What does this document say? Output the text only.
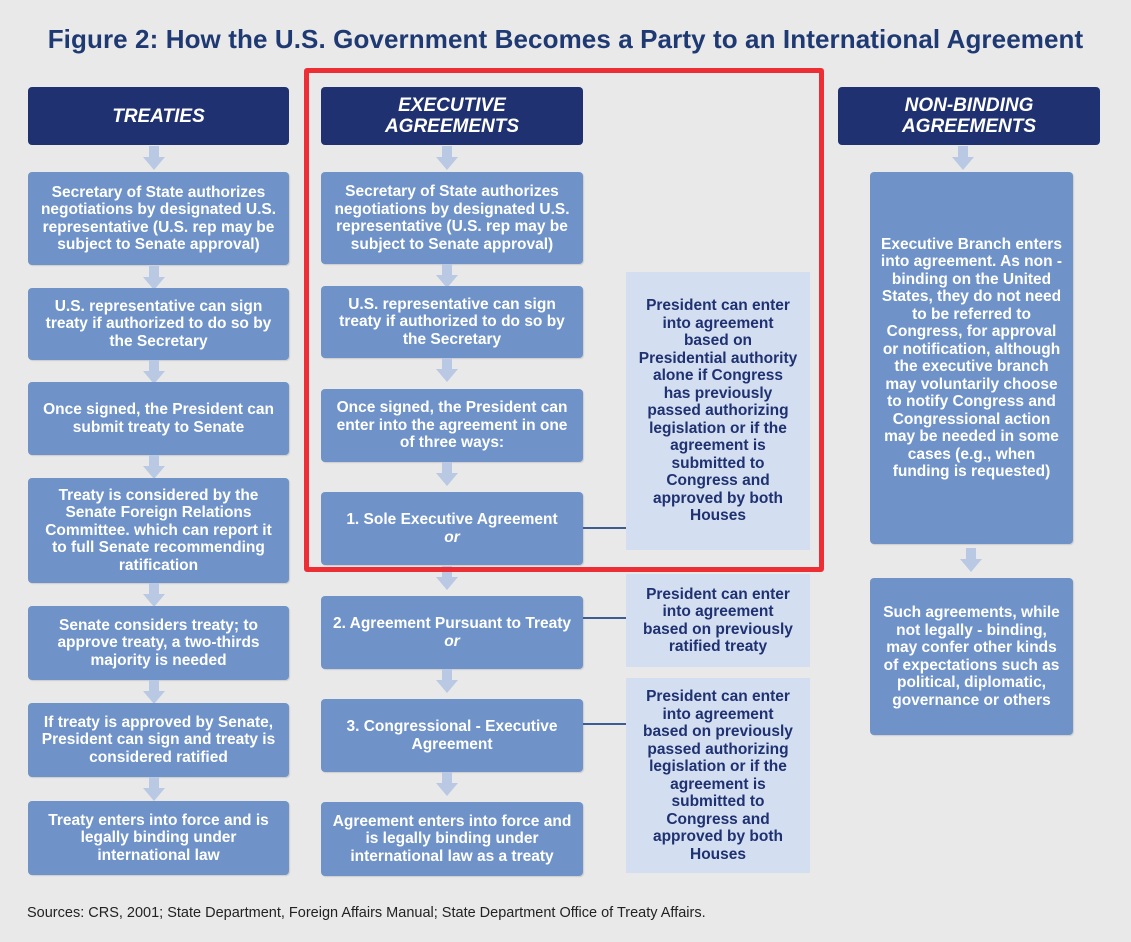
Figure 2: How the U.S. Government Becomes a Party to an International Agreement
TREATIES
Secretary of State authorizes negotiations by designated U.S. representative (U.S. rep may be subject to Senate approval)
U.S. representative can sign treaty if authorized to do so by the Secretary
Once signed, the President can submit treaty to Senate
Treaty is considered by the Senate Foreign Relations Committee. which can report it to full Senate recommending ratification
Senate considers treaty; to approve treaty, a two-thirds majority is needed
If treaty is approved by Senate, President can sign and treaty is considered ratified
Treaty enters into force and is legally binding under international law
EXECUTIVE AGREEMENTS
Secretary of State authorizes negotiations by designated U.S. representative (U.S. rep may be subject to Senate approval)
U.S. representative can sign treaty if authorized to do so by the Secretary
Once signed, the President can enter into the agreement in one of three ways:
1. Sole Executive Agreement
or
2. Agreement Pursuant to Treaty
or
3. Congressional - Executive Agreement
Agreement enters into force and is legally binding under international law as a treaty
President can enter into agreement based on Presidential authority alone if Congress has previously passed authorizing legislation or if the agreement is submitted to Congress and approved by both Houses
President can enter into agreement based on previously ratified treaty
President can enter into agreement based on previously passed authorizing legislation or if the agreement is submitted to Congress and approved by both Houses
NON-BINDING AGREEMENTS
Executive Branch enters into agreement. As non - binding on the United States, they do not need to be referred to Congress, for approval or notification, although the executive branch may voluntarily choose to notify Congress and Congressional action may be needed in some cases (e.g., when funding is requested)
Such agreements, while not legally - binding, may confer other kinds of expectations such as political, diplomatic, governance or others
Sources: CRS, 2001; State Department, Foreign Affairs Manual; State Department Office of Treaty Affairs.
